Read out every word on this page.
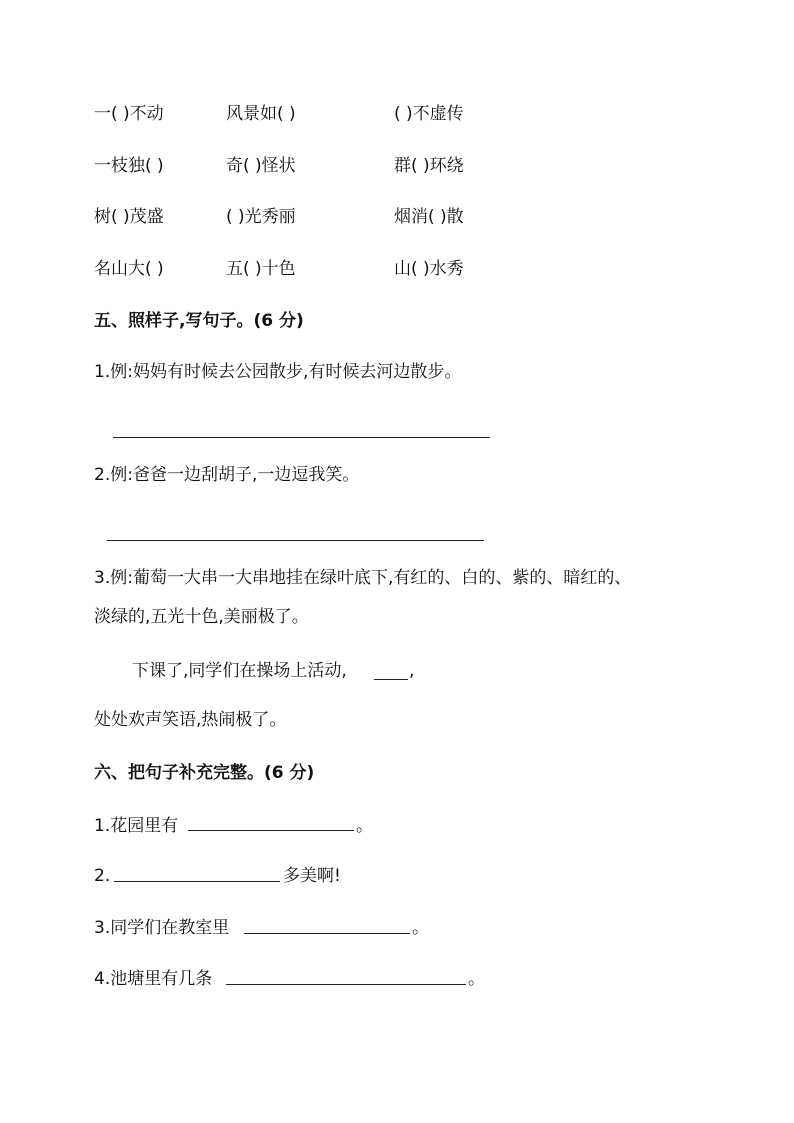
一( )不动	风景如( )	( )不虚传
一枝独( )	奇( )怪状	群( )环绕
树( )茂盛	( )光秀丽	烟消( )散
名山大( )	五( )十色	山( )水秀
五、照样子,写句子。(6 分)
1.例:妈妈有时候去公园散步,有时候去河边散步。
2.例:爸爸一边刮胡子,一边逗我笑。
3.例:葡萄一大串一大串地挂在绿叶底下,有红的、白的、紫的、暗红的、
淡绿的,五光十色,美丽极了。
下课了,同学们在操场上活动,	,
处处欢声笑语,热闹极了。
六、把句子补充完整。(6 分)
1.花园里有	。
2.	多美啊!
3.同学们在教室里	。
4.池塘里有几条	。
